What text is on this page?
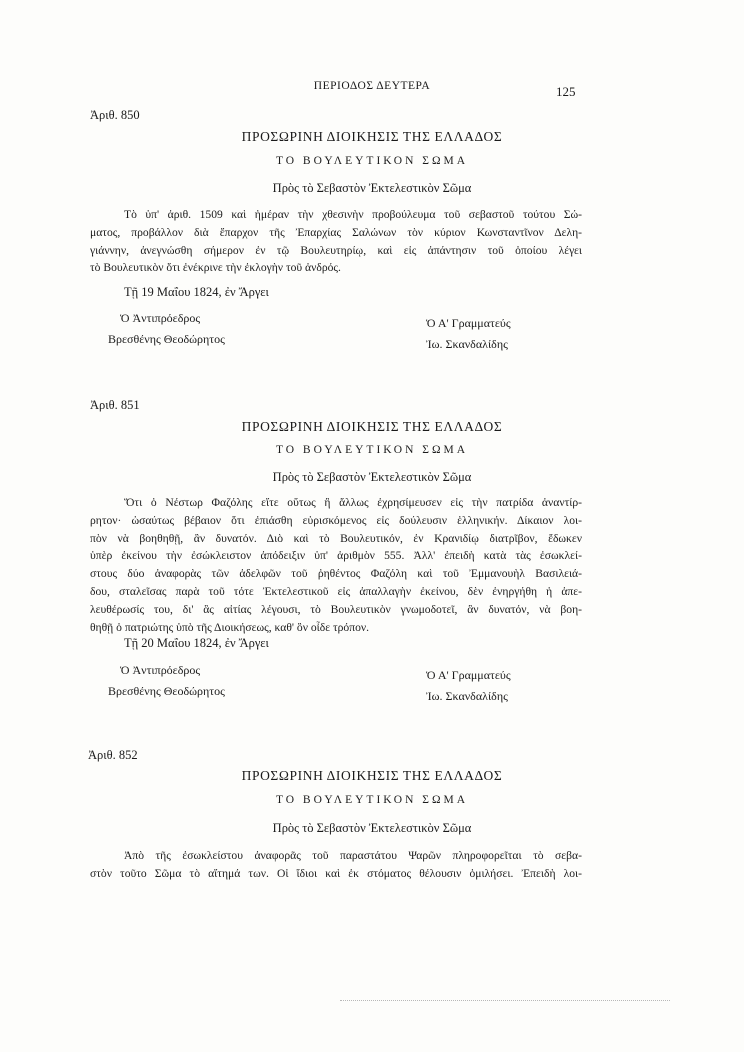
ΠΕΡΙΟΔΟΣ ΔΕΥΤΕΡΑ	125
Ἀριθ. 850
ΠΡΟΣΩΡΙΝΗ ΔΙΟΙΚΗΣΙΣ ΤΗΣ ΕΛΛΑΔΟΣ
ΤΟ ΒΟΥΛΕΥΤΙΚΟΝ ΣΩΜΑ
Πρὸς τὸ Σεβαστὸν Ἐκτελεστικὸν Σῶμα
Τὸ ὑπ' ἀριθ. 1509 καὶ ἡμέραν τὴν χθεσινὴν προβούλευμα τοῦ σεβαστοῦ τούτου Σώ-
ματος, προβάλλον διὰ ἔπαρχον τῆς Ἐπαρχίας Σαλώνων τὸν κύριον Κωνσταντῖνον Δελη-
γιάννην, ἀνεγνώσθη σήμερον ἐν τῷ Βουλευτηρίῳ, καὶ εἰς ἀπάντησιν τοῦ ὁποίου λέγει
τὸ Βουλευτικὸν ὅτι ἐνέκρινε τὴν ἐκλογὴν τοῦ ἀνδρός.
Τῇ 19 Μαΐου 1824, ἐν Ἄργει
Ὁ Ἀντιπρόεδρος
Βρεσθένης Θεοδώρητος
Ὁ Α' Γραμματεύς
Ἰω. Σκανδαλίδης
Ἀριθ. 851
ΠΡΟΣΩΡΙΝΗ ΔΙΟΙΚΗΣΙΣ ΤΗΣ ΕΛΛΑΔΟΣ
ΤΟ ΒΟΥΛΕΥΤΙΚΟΝ ΣΩΜΑ
Πρὸς τὸ Σεβαστὸν Ἐκτελεστικὸν Σῶμα
Ὅτι ὁ Νέστωρ Φαζόλης εἴτε οὕτως ἢ ἄλλως ἐχρησίμευσεν εἰς τὴν πατρίδα ἀναντίρ-
ρητον· ὡσαύτως βέβαιον ὅτι ἐπιάσθη εὑρισκόμενος εἰς δούλευσιν ἑλληνικήν. Δίκαιον λοι-
πὸν νὰ βοηθηθῇ, ἂν δυνατόν. Διὸ καὶ τὸ Βουλευτικόν, ἐν Κρανιδίῳ διατρῖβον, ἔδωκεν
ὑπὲρ ἐκείνου τὴν ἐσώκλειστον ἀπόδειξιν ὑπ' ἀριθμὸν 555. Ἀλλ' ἐπειδὴ κατὰ τὰς ἐσωκλεί-
στους δύο ἀναφορὰς τῶν ἀδελφῶν τοῦ ῥηθέντος Φαζόλη καὶ τοῦ Ἐμμανουὴλ Βασιλειά-
δου, σταλεῖσας παρὰ τοῦ τότε Ἐκτελεστικοῦ εἰς ἀπαλλαγὴν ἐκείνου, δὲν ἐνηργήθη ἡ ἀπε-
λευθέρωσίς του, δι' ἃς αἰτίας λέγουσι, τὸ Βουλευτικὸν γνωμοδοτεῖ, ἂν δυνατόν, νὰ βοη-
θηθῇ ὁ πατριώτης ὑπὸ τῆς Διοικήσεως, καθ' ὃν οἶδε τρόπον.
Τῇ 20 Μαΐου 1824, ἐν Ἄργει
Ὁ Ἀντιπρόεδρος
Βρεσθένης Θεοδώρητος
Ὁ Α' Γραμματεύς
Ἰω. Σκανδαλίδης
Ἀριθ. 852
ΠΡΟΣΩΡΙΝΗ ΔΙΟΙΚΗΣΙΣ ΤΗΣ ΕΛΛΑΔΟΣ
ΤΟ ΒΟΥΛΕΥΤΙΚΟΝ ΣΩΜΑ
Πρὸς τὸ Σεβαστὸν Ἐκτελεστικὸν Σῶμα
Ἀπὸ τῆς ἐσωκλείστου ἀναφορᾶς τοῦ παραστάτου Ψαρῶν πληροφορεῖται τὸ σεβα-
στὸν τοῦτο Σῶμα τὸ αἴτημά των. Οἱ ἴδιοι καὶ ἐκ στόματος θέλουσιν ὁμιλήσει. Ἐπειδὴ λοι-
